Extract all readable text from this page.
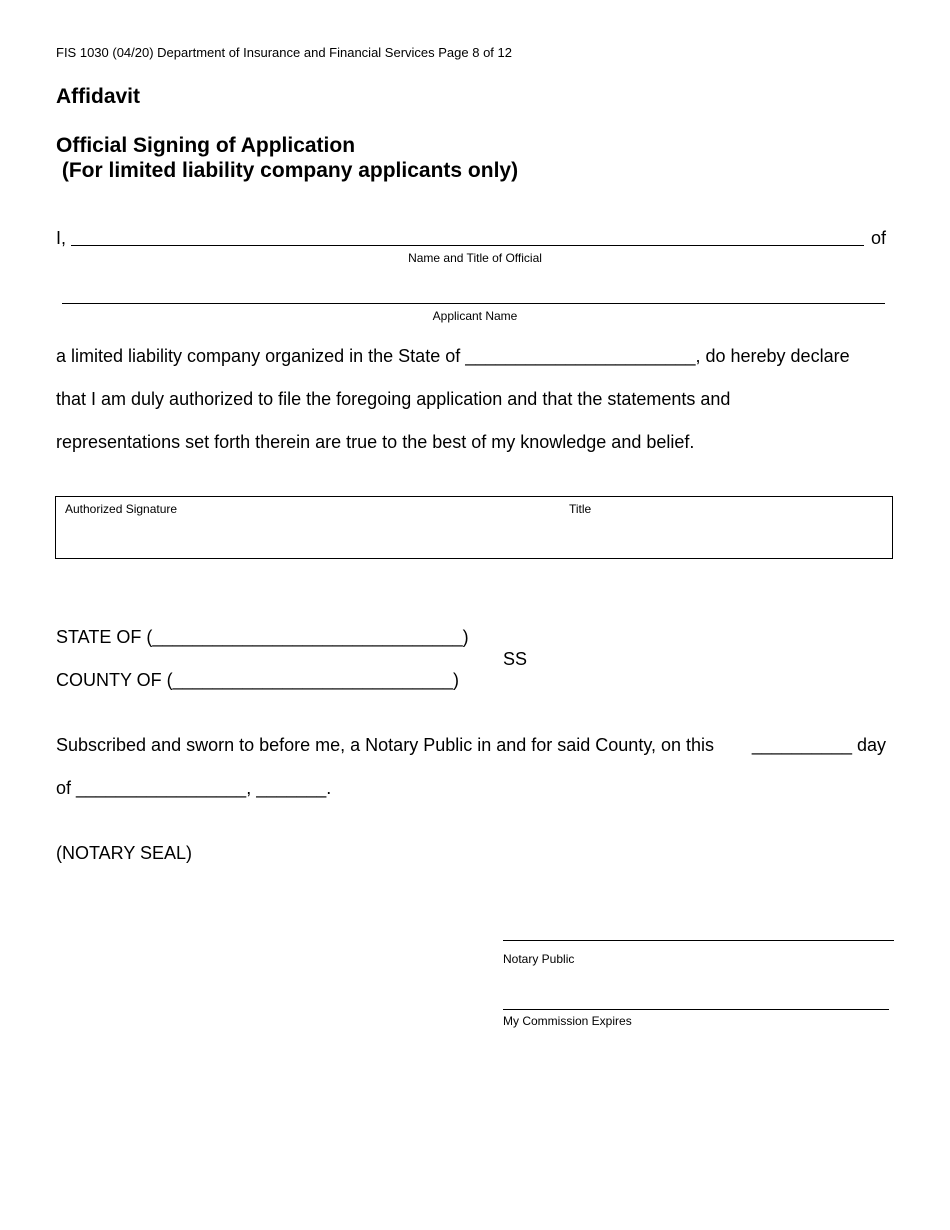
FIS 1030 (04/20) Department of Insurance and Financial Services Page 8 of 12
Affidavit
Official Signing of Application
(For limited liability company applicants only)
I,	of
Name and Title of Official
Applicant Name
a limited liability company organized in the State of _______________________, do hereby declare
that I am duly authorized to file the foregoing application and that the statements and
representations set forth therein are true to the best of my knowledge and belief.
Authorized Signature	Title
STATE OF (_______________________________)
COUNTY OF (____________________________)
SS
Subscribed and sworn to before me, a Notary Public in and for said County, on this __________ day
of _________________, _______.
(NOTARY SEAL)
Notary Public
My Commission Expires
